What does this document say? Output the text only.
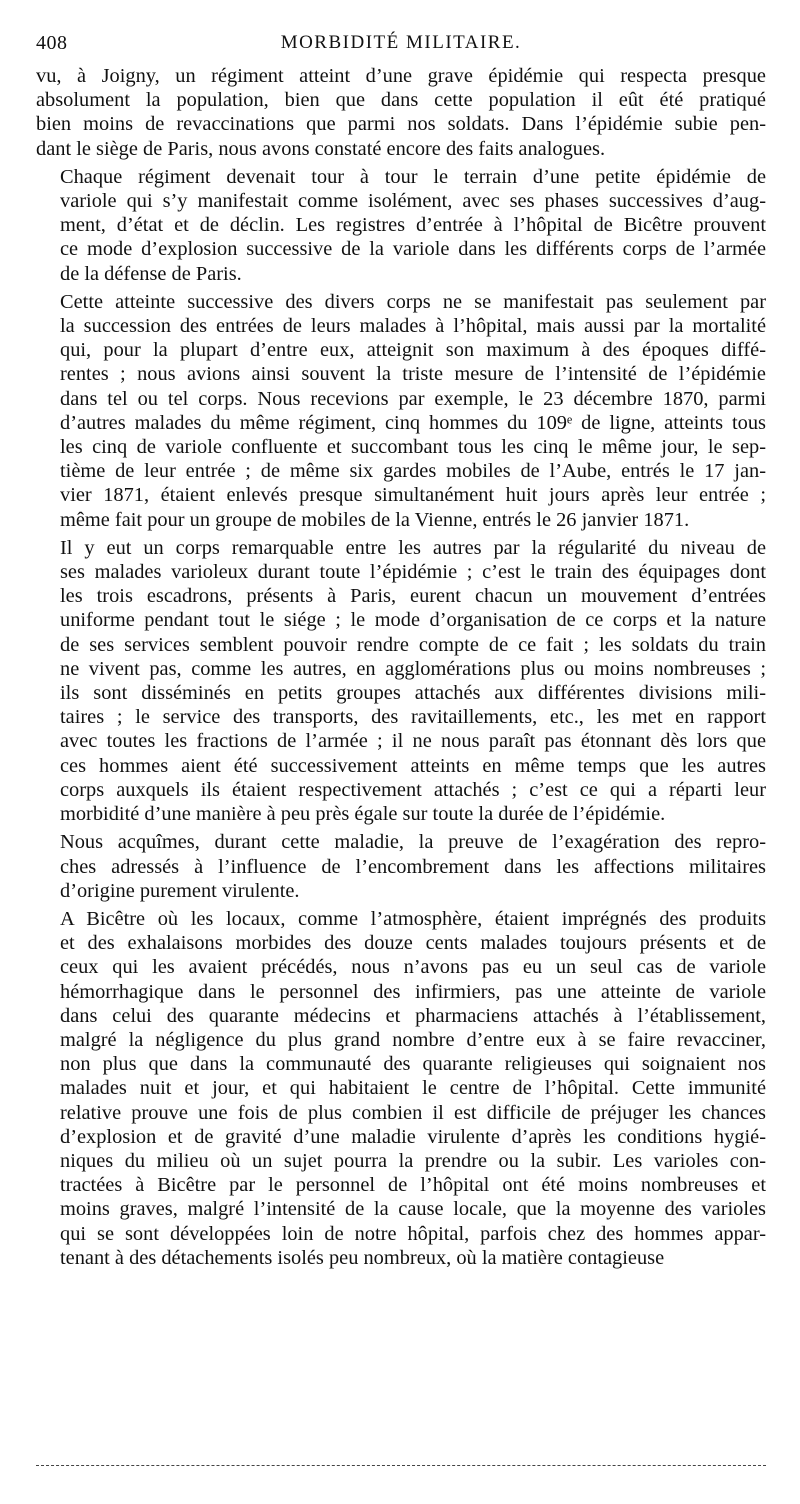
408	MORBIDITÉ MILITAIRE.
vu, à Joigny, un régiment atteint d’une grave épidémie qui respecta presque
absolument la population, bien que dans cette population il eût été pratiqué
bien moins de revaccinations que parmi nos soldats. Dans l’épidémie subie pen-
dant le siège de Paris, nous avons constaté encore des faits analogues.
Chaque régiment devenait tour à tour le terrain d’une petite épidémie de
variole qui s’y manifestait comme isolément, avec ses phases successives d’aug-
ment, d’état et de déclin. Les registres d’entrée à l’hôpital de Bicêtre prouvent
ce mode d’explosion successive de la variole dans les différents corps de l’armée
de la défense de Paris.
Cette atteinte successive des divers corps ne se manifestait pas seulement par
la succession des entrées de leurs malades à l’hôpital, mais aussi par la mortalité
qui, pour la plupart d’entre eux, atteignit son maximum à des époques diffé-
rentes ; nous avions ainsi souvent la triste mesure de l’intensité de l’épidémie
dans tel ou tel corps. Nous recevions par exemple, le 23 décembre 1870, parmi
d’autres malades du même régiment, cinq hommes du 109ᵉ de ligne, atteints tous
les cinq de variole confluente et succombant tous les cinq le même jour, le sep-
tième de leur entrée ; de même six gardes mobiles de l’Aube, entrés le 17 jan-
vier 1871, étaient enlevés presque simultanément huit jours après leur entrée ;
même fait pour un groupe de mobiles de la Vienne, entrés le 26 janvier 1871.
Il y eut un corps remarquable entre les autres par la régularité du niveau de
ses malades varioleux durant toute l’épidémie ; c’est le train des équipages dont
les trois escadrons, présents à Paris, eurent chacun un mouvement d’entrées
uniforme pendant tout le siége ; le mode d’organisation de ce corps et la nature
de ses services semblent pouvoir rendre compte de ce fait ; les soldats du train
ne vivent pas, comme les autres, en agglomérations plus ou moins nombreuses ;
ils sont disséminés en petits groupes attachés aux différentes divisions mili-
taires ; le service des transports, des ravitaillements, etc., les met en rapport
avec toutes les fractions de l’armée ; il ne nous paraît pas étonnant dès lors que
ces hommes aient été successivement atteints en même temps que les autres
corps auxquels ils étaient respectivement attachés ; c’est ce qui a réparti leur
morbidité d’une manière à peu près égale sur toute la durée de l’épidémie.
Nous acquîmes, durant cette maladie, la preuve de l’exagération des repro-
ches adressés à l’influence de l’encombrement dans les affections militaires
d’origine purement virulente.
A Bicêtre où les locaux, comme l’atmosphère, étaient imprégnés des produits
et des exhalaisons morbides des douze cents malades toujours présents et de
ceux qui les avaient précédés, nous n’avons pas eu un seul cas de variole
hémorrhagique dans le personnel des infirmiers, pas une atteinte de variole
dans celui des quarante médecins et pharmaciens attachés à l’établissement,
malgré la négligence du plus grand nombre d’entre eux à se faire revacciner,
non plus que dans la communauté des quarante religieuses qui soignaient nos
malades nuit et jour, et qui habitaient le centre de l’hôpital. Cette immunité
relative prouve une fois de plus combien il est difficile de préjuger les chances
d’explosion et de gravité d’une maladie virulente d’après les conditions hygié-
niques du milieu où un sujet pourra la prendre ou la subir. Les varioles con-
tractées à Bicêtre par le personnel de l’hôpital ont été moins nombreuses et
moins graves, malgré l’intensité de la cause locale, que la moyenne des varioles
qui se sont développées loin de notre hôpital, parfois chez des hommes appar-
tenant à des détachements isolés peu nombreux, où la matière contagieuse
